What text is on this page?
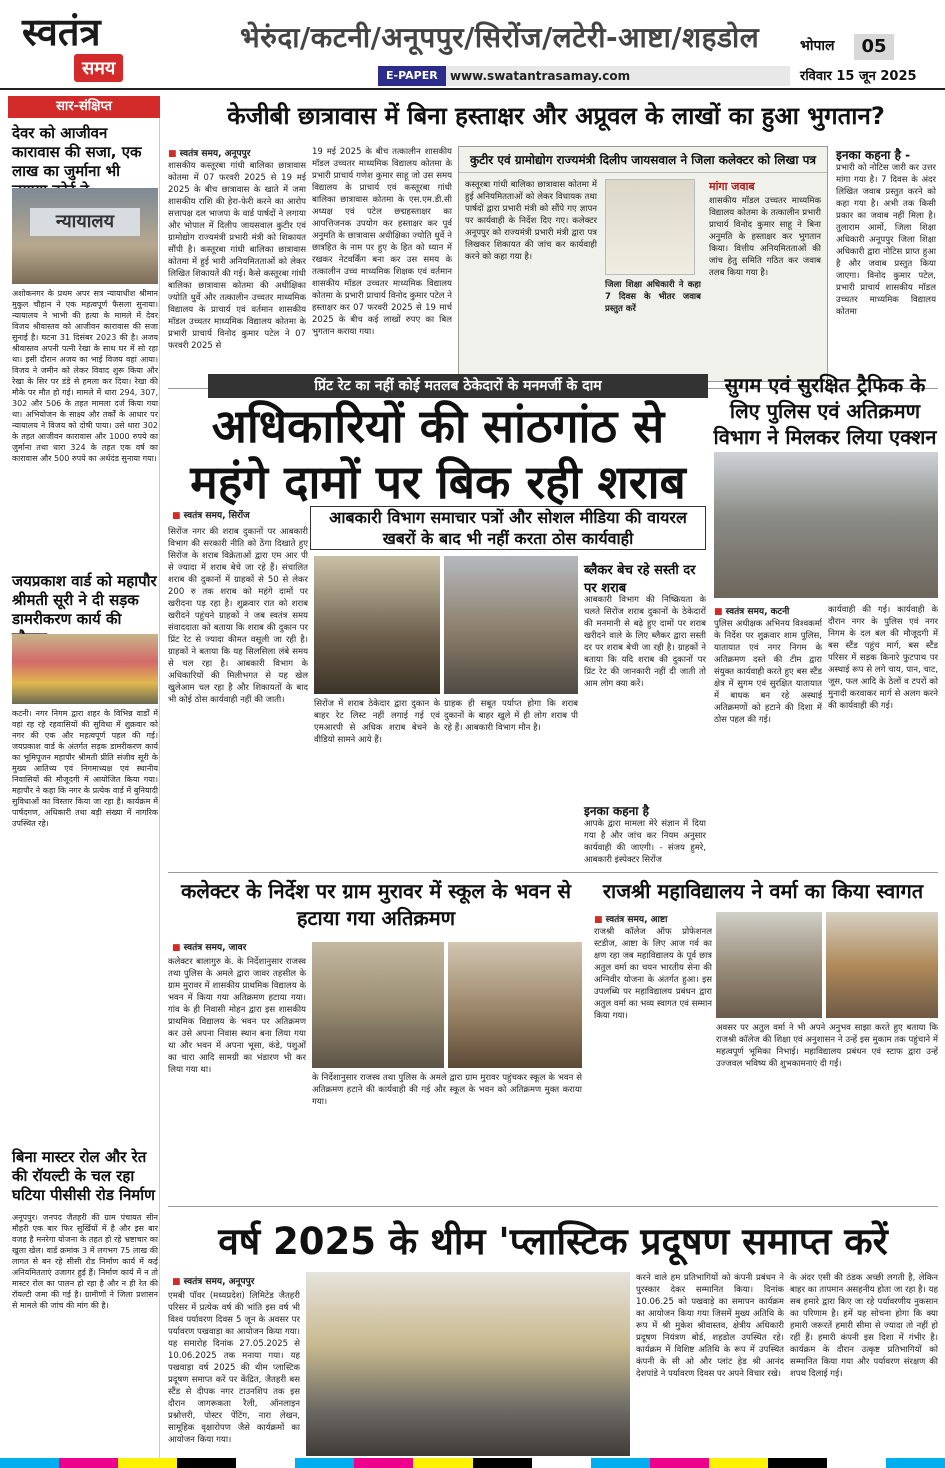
स्वतंत्र
समय
भेरुंदा/कटनी/अनूपपुर/सिरोंज/लटेरी-आष्टा/शहडोल
E-PAPER	www.swatantrasamay.com
भोपाल	05
रविवार 15 जून 2025
सार-संक्षिप्त
देवर को आजीवन कारावास की सजा, एक लाख का जुर्माना भी
न्यायालय
अशोकनगर के प्रथम अपर सत्र न्यायाधीश श्रीमान मुकुल चौहान ने एक महत्वपूर्ण फैसला सुनाया। न्यायालय ने भाभी की हत्या के मामले में देवर विजय श्रीवास्तव को आजीवन कारावास की सजा सुनाई है। घटना 31 दिसंबर 2023 की है। अजय श्रीवास्तव अपनी पत्नी रेखा के साथ घर में सो रहा था। इसी दौरान अजय का भाई विजय वहां आया। विजय ने जमीन को लेकर विवाद शुरू किया और रेखा के सिर पर डंडे से हमला कर दिया। रेखा की मौके पर मौत हो गई। मामले में धारा 294, 307, 302 और 506 के तहत मामला दर्ज किया गया था। अभियोजन के साक्ष्य और तर्कों के आधार पर न्यायालय ने विजय को दोषी पाया। उसे धारा 302 के तहत आजीवन कारावास और 1000 रुपये का जुर्माना तथा धारा 324 के तहत एक वर्ष का कारावास और 500 रुपये का अर्थदंड सुनाया गया।
जयप्रकाश वार्ड को महापौर श्रीमती सूरी ने दी सड़क डामरीकरण कार्य की
कटनी। नगर निगम द्वारा शहर के विभिन्न वार्डों में वहां रह रहे रहवासियों की सुविधा में शुक्रवार को नगर की एक और महत्वपूर्ण पहल की गई। जयप्रकाश वार्ड के अंतर्गत सड़क डामरीकरण कार्य का भूमिपूजन महापौर श्रीमती प्रीति संजीव सूरी के मुख्य आतिथ्य एवं निगमाध्यक्ष एवं स्थानीय निवासियों की मौजूदगी में आयोजित किया गया। महापौर ने कहा कि नगर के प्रत्येक वार्ड में बुनियादी सुविधाओं का विस्तार किया जा रहा है। कार्यक्रम में पार्षदगण, अधिकारी तथा बड़ी संख्या में नागरिक उपस्थित रहे।
बिना मास्टर रोल और रेत की रॉयल्टी के चल रहा घटिया पीसीसी रोड निर्माण
अनूपपुर। जनपद जैतहरी की ग्राम पंचायत सीन मौहरी एक बार फिर सुर्खियों में है और इस बार वजह है मनरेगा योजना के तहत हो रहे भ्रष्टाचार का खुला खेल। वार्ड क्रमांक 3 में लगभग 75 लाख की लागत से बन रहे सीसी रोड निर्माण कार्य में कई अनियमितताएं उजागर हुई हैं। निर्माण कार्य में न तो मास्टर रोल का पालन हो रहा है और न ही रेत की रॉयल्टी जमा की गई है। ग्रामीणों ने जिला प्रशासन से मामले की जांच की मांग की है।
केजीबी छात्रावास में बिना हस्ताक्षर और अप्रूवल के लाखों का हुआ भुगतान?
■ स्वतंत्र समय, अनूपपुर
शासकीय कस्तूरबा गांधी बालिका छात्रावास कोतमा में 07 फरवरी 2025 से 19 मई 2025 के बीच छात्रावास के खाते में जमा शासकीय राशि की हेरा-फेरी करने का आरोप सत्तापक्ष दल भाजपा के वार्ड पार्षदों ने लगाया और भोपाल में दिलीप जायसवाल कुटीर एवं ग्रामोद्योग राज्यमंत्री प्रभारी मंत्री को शिकायत सौंपी है। कस्तूरबा गांधी बालिका छात्रावास कोतमा में हुई भारी अनियमितताओं को लेकर लिखित शिकायतें की गई। कैसे कस्तूरबा गांधी बालिका छात्रावास कोतमा की अधीक्षिका ज्योति धुर्वे और तत्कालीन उच्चतर माध्यमिक विद्यालय के प्राचार्य एवं वर्तमान शासकीय मॉडल उच्चतर माध्यमिक विद्यालय कोतमा के प्रभारी प्राचार्य विनोद कुमार पटेल ने 07 फरवरी 2025 से
19 मई 2025 के बीच तत्कालीन शासकीय मॉडल उच्चतर माध्यमिक विद्यालय कोतमा के प्रभारी प्राचार्य गणेश कुमार साहू जो उस समय विद्यालय के प्राचार्य एवं कस्तूरबा गांधी बालिका छात्रावास कोतमा के एस.एम.डी.सी अध्यक्ष एवं पटेल छद्महस्ताक्षर का आपत्तिजनक उपयोग कर हस्ताक्षर कर पूर्व अनुमति के छात्रावास अधीक्षिका ज्योति धुर्वे ने छात्रहित के नाम पर हुए के हित को ध्यान में रखकर नेटवर्किंग बना कर उस समय के तत्कालीन उच्च माध्यमिक शिक्षक एवं वर्तमान शासकीय मॉडल उच्चतर माध्यमिक विद्यालय कोतमा के प्रभारी प्राचार्य विनोद कुमार पटेल ने हस्ताक्षर कर 07 फरवरी 2025 से 19 मार्च 2025 के बीच कई लाखों रुपए का बिल भुगतान कराया गया।
कुटीर एवं ग्रामोद्योग राज्यमंत्री दिलीप जायसवाल ने जिला कलेक्टर को लिखा पत्र
कस्तूरबा गांधी बालिका छात्रावास कोतमा में हुई अनियमितताओं को लेकर विधायक तथा पार्षदों द्वारा प्रभारी मंत्री को सौंपे गए ज्ञापन पर कार्यवाही के निर्देश दिए गए। कलेक्टर अनूपपुर को राज्यमंत्री प्रभारी मंत्री द्वारा पत्र लिखकर शिकायत की जांच कर कार्यवाही करने को कहा गया है।
जिला शिक्षा अधिकारी ने कहा 7 दिवस के भीतर जवाब प्रस्तुत करें
मांगा जवाब
शासकीय मॉडल उच्चतर माध्यमिक विद्यालय कोतमा के तत्कालीन प्रभारी प्राचार्य विनोद कुमार साहू ने बिना अनुमति के हस्ताक्षर कर भुगतान किया। वित्तीय अनियमितताओं की जांच हेतु समिति गठित कर जवाब तलब किया गया है।
इनका कहना है -
प्रभारी को नोटिस जारी कर उत्तर मांगा गया है। 7 दिवस के अंदर लिखित जवाब प्रस्तुत करने को कहा गया है। अभी तक किसी प्रकार का जवाब नहीं मिला है। तुलाराम आर्मो, जिला शिक्षा अधिकारी अनूपपुर जिला शिक्षा अधिकारी द्वारा नोटिस प्राप्त हुआ है और जवाब प्रस्तुत किया जाएगा। विनोद कुमार पटेल, प्रभारी प्राचार्य शासकीय मॉडल उच्चतर माध्यमिक विद्यालय कोतमा
प्रिंट रेट का नहीं कोई मतलब ठेकेदारों के मनमर्जी के दाम
अधिकारियों की सांठगांठ से
महंगे दामों पर बिक रही शराब
आबकारी विभाग समाचार पत्रों और सोशल मीडिया की वायरल खबरों के बाद भी नहीं करता ठोस कार्यवाही
■ स्वतंत्र समय, सिरोंज
सिरोंज नगर की शराब दुकानों पर आबकारी विभाग की सरकारी नीति को ठेंगा दिखाते हुए सिरोंज के शराब विक्रेताओं द्वारा एम आर पी से ज्यादा में शराब बेचे जा रहे हैं। संचालित शराब की दुकानों में ग्राहकों से 50 से लेकर 200 रु तक शराब को महंगे दामों पर खरीदना पड़ रहा है। शुक्रवार रात को शराब खरीदने पहुंचने ग्राहकों ने जब स्वतंत्र समय संवाददाता को बताया कि शराब की दुकान पर प्रिंट रेट से ज्यादा कीमत वसूली जा रही है। ग्राहकों ने बताया कि यह सिलसिला लंबे समय से चल रहा है। आबकारी विभाग के अधिकारियों की मिलीभगत से यह खेल खुलेआम चल रहा है और शिकायतों के बाद भी कोई ठोस कार्यवाही नहीं की जाती।	सिरोंज में शराब ठेकेदार द्वारा दुकान के बाहर रेट लिस्ट नहीं लगाई गई एवं एमआरपी से अधिक शराब बेचने के वीडियो सामने आये हैं।
ग्राहक ही सबूत पर्याप्त होगा कि शराब दुकानों के बाहर खुले में ही लोग शराब पी रहे हैं। आबकारी विभाग मौन है।
ब्लैकर बेच रहे सस्ती दर पर शराब
आबकारी विभाग की निष्क्रियता के चलते सिरोंज शराब दुकानों के ठेकेदारों की मनमानी से बढ़े हुए दामों पर शराब खरीदने वाले के लिए ब्लैकर द्वारा सस्ती दर पर शराब बेची जा रही है। ग्राहकों ने बताया कि यदि शराब की दुकानों पर प्रिंट रेट की जानकारी नहीं दी जाती तो आम लोग क्या करें।
इनका कहना है
आपके द्वारा मामला मेरे संज्ञान में दिया गया है और जांच कर नियम अनुसार कार्यवाही की जाएगी। - संजय हुमरे, आबकारी इंस्पेक्टर सिरोंज
सुगम एवं सुरक्षित ट्रैफिक के लिए पुलिस एवं अतिक्रमण विभाग ने मिलकर लिया एक्शन
■ स्वतंत्र समय, कटनी
पुलिस अधीक्षक अभिनय विश्वकर्मा के निर्देश पर शुक्रवार शाम पुलिस, यातायात एवं नगर निगम के अतिक्रमण दस्ते की टीम द्वारा संयुक्त कार्यवाही करते हुए बस स्टैंड क्षेत्र में सुगम एवं सुरक्षित यातायात में बाधक बन रहे अस्थाई अतिक्रमणों को हटाने की दिशा में ठोस पहल की गई।
कार्यवाही की गई। कार्यवाही के दौरान नगर के पुलिस एवं नगर निगम के दल बल की मौजूदगी में बस स्टैंड पहुंच मार्ग, बस स्टैंड परिसर में सड़क किनारे फुटपाथ पर अस्थाई रूप से लगे चाय, पान, चाट, जूस, फल आदि के ठेलों व टपरों को मुनादी करवाकर मार्ग से अलग करने की कार्यवाही की गई।
कलेक्टर के निर्देश पर ग्राम मुरावर में स्कूल के भवन से हटाया गया अतिक्रमण
■ स्वतंत्र समय, जावर
कलेक्टर बालागुरु के. के निर्देशानुसार राजस्व तथा पुलिस के अमले द्वारा जावर तहसील के ग्राम मुरावर में शासकीय प्राथमिक विद्यालय के भवन में किया गया अतिक्रमण हटाया गया। गांव के ही निवासी मोहन द्वारा इस शासकीय प्राथमिक विद्यालय के भवन पर अतिक्रमण कर उसे अपना निवास स्थान बना लिया गया था और भवन में अपना भूसा, कंडे, पशुओं का चारा आदि सामग्री का भंडारण भी कर लिया गया था।
के निर्देशानुसार राजस्व तथा पुलिस के अमले द्वारा ग्राम मुरावर पहुंचकर स्कूल के भवन से अतिक्रमण हटाने की कार्यवाही की गई और स्कूल के भवन को अतिक्रमण मुक्त कराया गया।
राजश्री महाविद्यालय ने वर्मा का किया स्वागत
■ स्वतंत्र समय, आष्टा
राजश्री कॉलेज ऑफ प्रोफेशनल स्टडीज, आष्टा के लिए आज गर्व का क्षण रहा जब महाविद्यालय के पूर्व छात्र अतुल वर्मा का चयन भारतीय सेना की अग्निवीर योजना के अंतर्गत हुआ। इस उपलब्धि पर महाविद्यालय प्रबंधन द्वारा अतुल वर्मा का भव्य स्वागत एवं सम्मान किया गया।
अवसर पर अतुल वर्मा ने भी अपने अनुभव साझा करते हुए बताया कि राजश्री कॉलेज की शिक्षा एवं अनुशासन ने उन्हें इस मुकाम तक पहुंचाने में महत्वपूर्ण भूमिका निभाई। महाविद्यालय प्रबंधन एवं स्टाफ द्वारा उन्हें उज्जवल भविष्य की शुभकामनाएं दी गईं।
वर्ष 2025 के थीम 'प्लास्टिक प्रदूषण समाप्त करें
■ स्वतंत्र समय, अनूपपुर
एमबी पॉवर (मध्यप्रदेश) लिमिटेड जैतहरी परिसर में प्रत्येक वर्ष की भांति इस वर्ष भी विश्व पर्यावरण दिवस 5 जून के अवसर पर पर्यावरण पखवाड़ा का आयोजन किया गया। यह समारोह दिनांक 27.05.2025 से 10.06.2025 तक मनाया गया। यह पखवाड़ा वर्ष 2025 की थीम प्लास्टिक प्रदूषण समाप्त करें पर केंद्रित, जैतहरी बस स्टैंड से दीपक नगर टाउनशिप तक इस दौरान जागरूकता रैली, ऑनलाइन प्रश्नोत्तरी, पोस्टर पेंटिंग, नारा लेखन, सामूहिक वृक्षारोपण जैसे कार्यक्रमों का आयोजन किया गया।
करने वाले हम प्रतिभागियों को कंपनी प्रबंधन ने पुरस्कार देकर सम्मानित किया। दिनांक 10.06.25 को पखवाड़े का समापन कार्यक्रम का आयोजन किया गया जिसमें मुख्य अतिथि के रूप में श्री मुकेश श्रीवास्तव, क्षेत्रीय अधिकारी प्रदूषण नियंत्रण बोर्ड, शहडोल उपस्थित रहे। कार्यक्रम में विशिष्ट अतिथि के रूप में उपस्थित कंपनी के सी ओ और प्लांट हेड श्री आनंद देशपांडे ने पर्यावरण दिवस पर अपने विचार रखे।
के अंदर एसी की ठंडक अच्छी लगती है, लेकिन बाहर का तापमान असहनीय होता जा रहा है। यह सब हमारे द्वारा किए जा रहे पर्यावरणीय नुकसान का परिणाम है। हमें यह सोचना होगा कि क्या हमारी जरूरतें हमारी सीमा से ज्यादा तो नहीं हो रहीं हैं। हमारी कंपनी इस दिशा में गंभीर है। कार्यक्रम के दौरान उत्कृष्ट प्रतिभागियों को सम्मानित किया गया और पर्यावरण संरक्षण की शपथ दिलाई गई।
